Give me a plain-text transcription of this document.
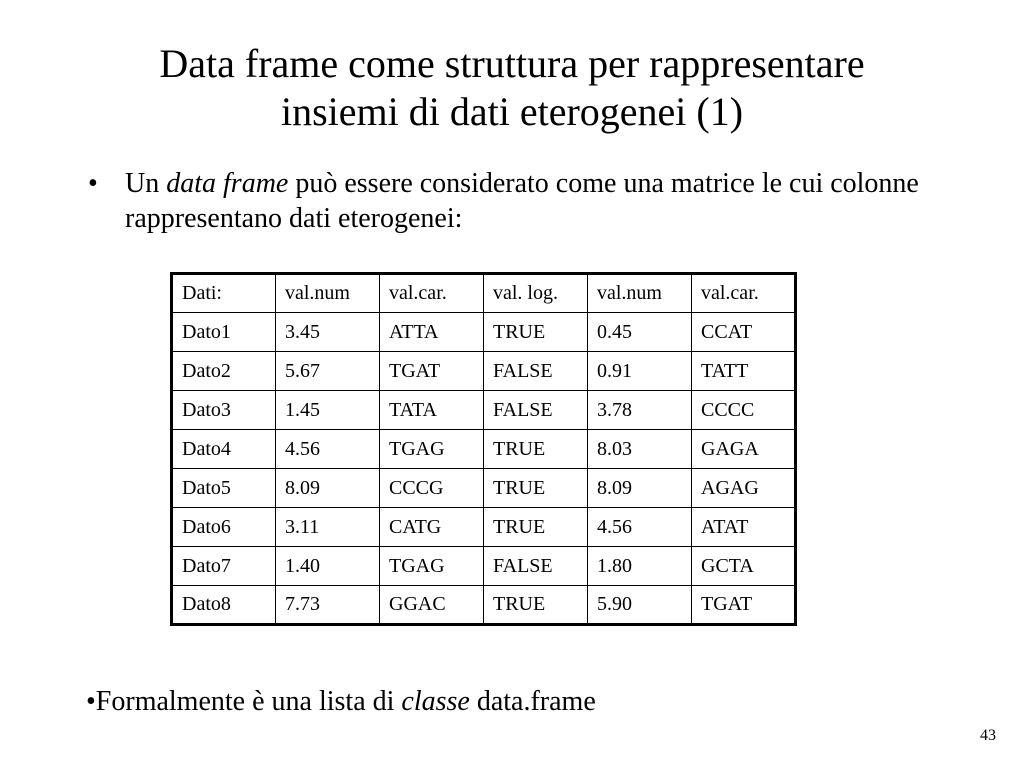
Data frame come struttura per rappresentare
insiemi di dati eterogenei (1)
• Un data frame può essere considerato come una matrice le cui colonne rappresentano dati eterogenei:
Dati:	val.num	val.car.	val. log.	val.num	val.car.
Dato1	3.45	ATTA	TRUE	0.45	CCAT
Dato2	5.67	TGAT	FALSE	0.91	TATT
Dato3	1.45	TATA	FALSE	3.78	CCCC
Dato4	4.56	TGAG	TRUE	8.03	GAGA
Dato5	8.09	CCCG	TRUE	8.09	AGAG
Dato6	3.11	CATG	TRUE	4.56	ATAT
Dato7	1.40	TGAG	FALSE	1.80	GCTA
Dato8	7.73	GGAC	TRUE	5.90	TGAT
•Formalmente è una lista di classe data.frame
43
